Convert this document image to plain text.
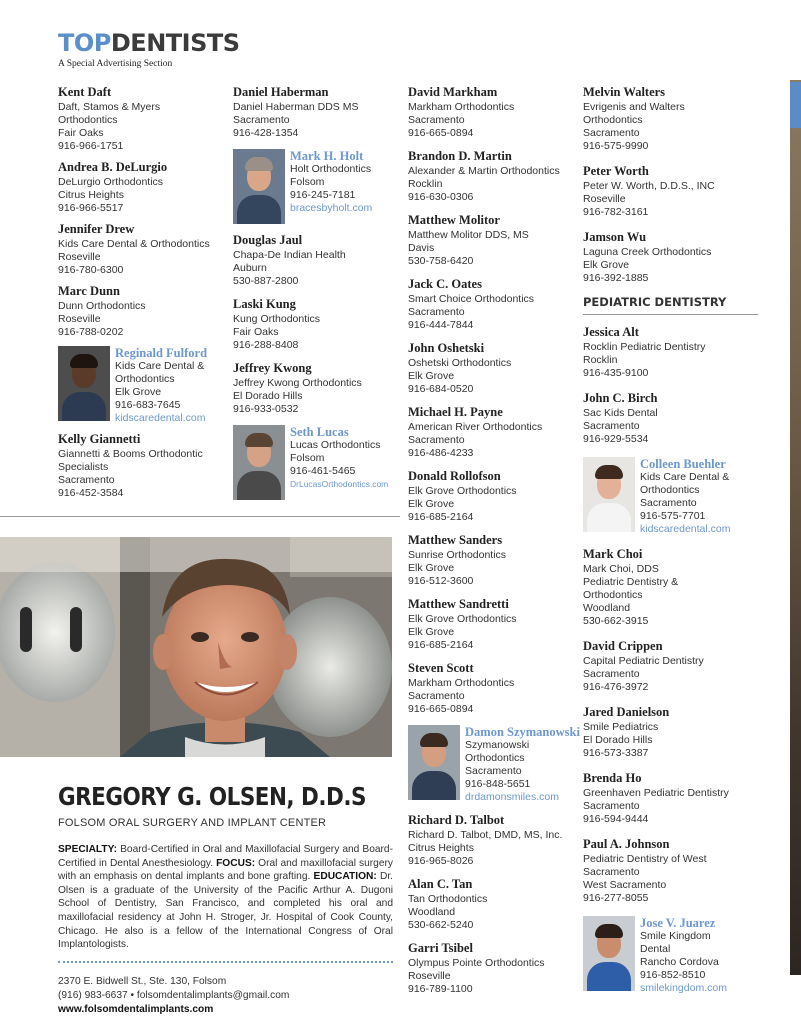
TOPDENTISTS
A Special Advertising Section
Kent Daft
Daft, Stamos & Myers
Orthodontics
Fair Oaks
916-966-1751
Andrea B. DeLurgio
DeLurgio Orthodontics
Citrus Heights
916-966-5517
Jennifer Drew
Kids Care Dental & Orthodontics
Roseville
916-780-6300
Marc Dunn
Dunn Orthodontics
Roseville
916-788-0202
Reginald Fulford
Kids Care Dental &
Orthodontics
Elk Grove
916-683-7645
kidscaredental.com
Kelly Giannetti
Giannetti & Booms Orthodontic
Specialists
Sacramento
916-452-3584
Daniel Haberman
Daniel Haberman DDS MS
Sacramento
916-428-1354
Mark H. Holt
Holt Orthodontics
Folsom
916-245-7181
bracesbyholt.com
Douglas Jaul
Chapa-De Indian Health
Auburn
530-887-2800
Laski Kung
Kung Orthodontics
Fair Oaks
916-288-8408
Jeffrey Kwong
Jeffrey Kwong Orthodontics
El Dorado Hills
916-933-0532
Seth Lucas
Lucas Orthodontics
Folsom
916-461-5465
DrLucasOrthodontics.com
David Markham
Markham Orthodontics
Sacramento
916-665-0894
Brandon D. Martin
Alexander & Martin Orthodontics
Rocklin
916-630-0306
Matthew Molitor
Matthew Molitor DDS, MS
Davis
530-758-6420
Jack C. Oates
Smart Choice Orthodontics
Sacramento
916-444-7844
John Oshetski
Oshetski Orthodontics
Elk Grove
916-684-0520
Michael H. Payne
American River Orthodontics
Sacramento
916-486-4233
Donald Rollofson
Elk Grove Orthodontics
Elk Grove
916-685-2164
Matthew Sanders
Sunrise Orthodontics
Elk Grove
916-512-3600
Matthew Sandretti
Elk Grove Orthodontics
Elk Grove
916-685-2164
Steven Scott
Markham Orthodontics
Sacramento
916-665-0894
Damon Szymanowski
Szymanowski
Orthodontics
Sacramento
916-848-5651
drdamonsmiles.com
Richard D. Talbot
Richard D. Talbot, DMD, MS, Inc.
Citrus Heights
916-965-8026
Alan C. Tan
Tan Orthodontics
Woodland
530-662-5240
Garri Tsibel
Olympus Pointe Orthodontics
Roseville
916-789-1100
Melvin Walters
Evrigenis and Walters
Orthodontics
Sacramento
916-575-9990
Peter Worth
Peter W. Worth, D.D.S., INC
Roseville
916-782-3161
Jamson Wu
Laguna Creek Orthodontics
Elk Grove
916-392-1885
PEDIATRIC DENTISTRY
Jessica Alt
Rocklin Pediatric Dentistry
Rocklin
916-435-9100
John C. Birch
Sac Kids Dental
Sacramento
916-929-5534
Colleen Buehler
Kids Care Dental &
Orthodontics
Sacramento
916-575-7701
kidscaredental.com
Mark Choi
Mark Choi, DDS
Pediatric Dentistry &
Orthodontics
Woodland
530-662-3915
David Crippen
Capital Pediatric Dentistry
Sacramento
916-476-3972
Jared Danielson
Smile Pediatrics
El Dorado Hills
916-573-3387
Brenda Ho
Greenhaven Pediatric Dentistry
Sacramento
916-594-9444
Paul A. Johnson
Pediatric Dentistry of West
Sacramento
West Sacramento
916-277-8055
Jose V. Juarez
Smile Kingdom
Dental
Rancho Cordova
916-852-8510
smilekingdom.com
GREGORY G. OLSEN, D.D.S
FOLSOM ORAL SURGERY AND IMPLANT CENTER
SPECIALTY: Board-Certified in Oral and Maxillofacial Surgery and Board-Certified in Dental Anesthesiology. FOCUS: Oral and maxillofacial surgery with an emphasis on dental implants and bone grafting. EDUCATION: Dr. Olsen is a graduate of the University of the Pacific Arthur A. Dugoni School of Dentistry, San Francisco, and completed his oral and maxillofacial residency at John H. Stroger, Jr. Hospital of Cook County, Chicago. He also is a fellow of the International Congress of Oral Implantologists.
2370 E. Bidwell St., Ste. 130, Folsom
(916) 983-6637 • folsomdentalimplants@gmail.com
www.folsomdentalimplants.com
